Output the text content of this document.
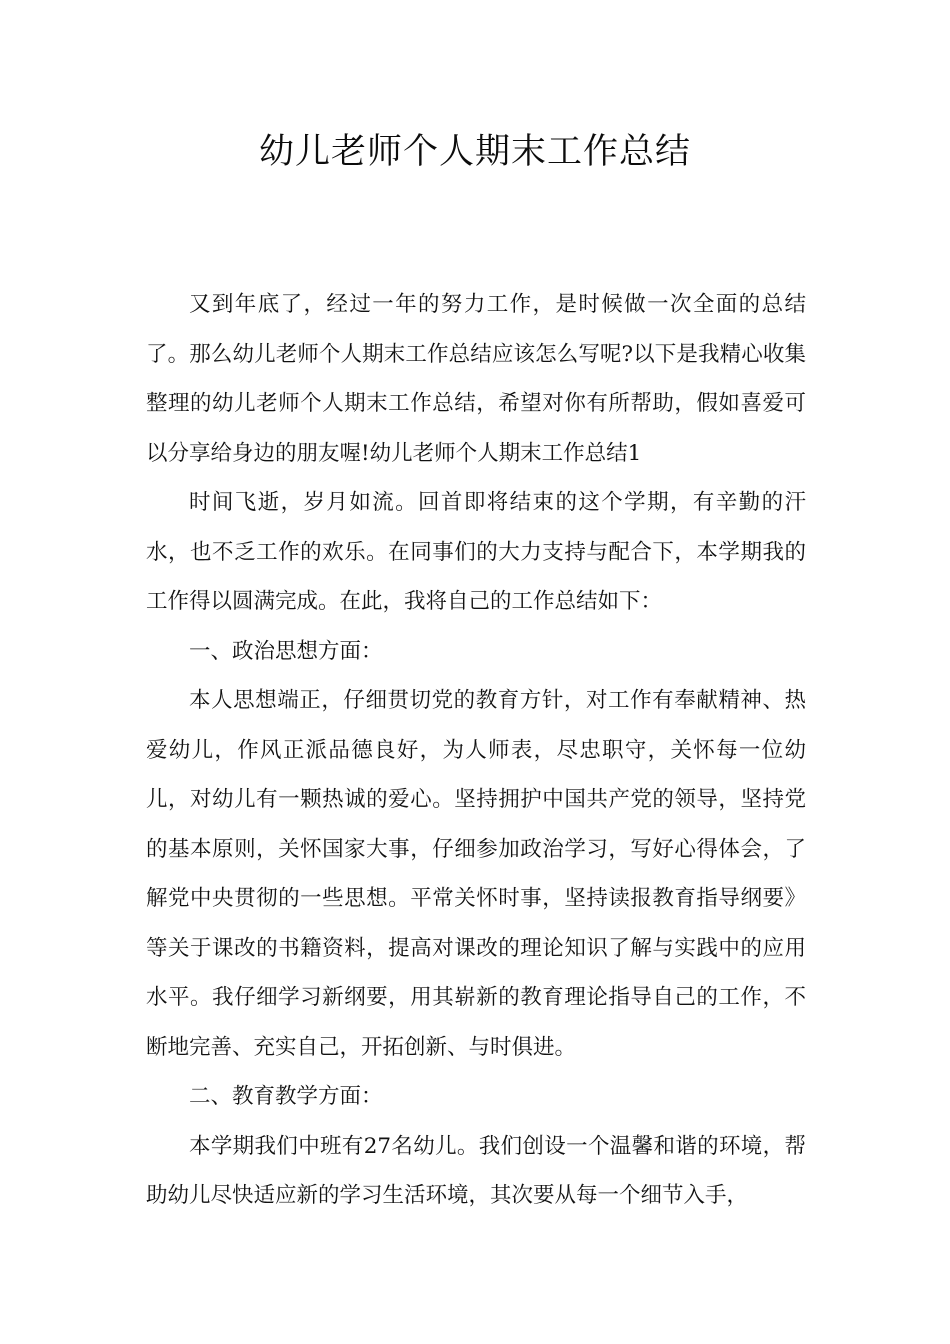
幼儿老师个人期末工作总结

又到年底了，经过一年的努力工作，是时候做一次全面的总结了。那么幼儿老师个人期末工作总结应该怎么写呢?以下是我精心收集整理的幼儿老师个人期末工作总结，希望对你有所帮助，假如喜爱可以分享给身边的朋友喔!幼儿老师个人期末工作总结1

时间飞逝，岁月如流。回首即将结束的这个学期，有辛勤的汗水，也不乏工作的欢乐。在同事们的大力支持与配合下，本学期我的工作得以圆满完成。在此，我将自己的工作总结如下：

一、政治思想方面：

本人思想端正，仔细贯切党的教育方针，对工作有奉献精神、热爱幼儿，作风正派品德良好，为人师表，尽忠职守，关怀每一位幼儿，对幼儿有一颗热诚的爱心。坚持拥护中国共产党的领导，坚持党的基本原则，关怀国家大事，仔细参加政治学习，写好心得体会，了解党中央贯彻的一些思想。平常关怀时事，坚持读报教育指导纲要》等关于课改的书籍资料，提高对课改的理论知识了解与实践中的应用水平。我仔细学习新纲要，用其崭新的教育理论指导自己的工作，不断地完善、充实自己，开拓创新、与时俱进。

二、教育教学方面：

本学期我们中班有27名幼儿。我们创设一个温馨和谐的环境，帮助幼儿尽快适应新的学习生活环境，其次要从每一个细节入手，
